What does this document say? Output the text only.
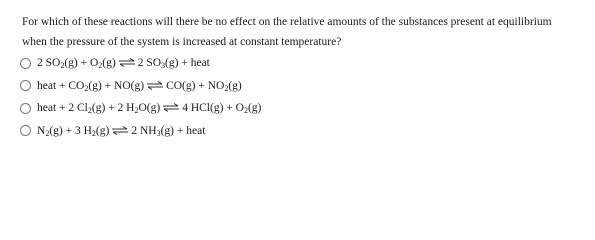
For which of these reactions will there be no effect on the relative amounts of the substances present at equilibrium
when the pressure of the system is increased at constant temperature?
2 $SO_2$ $(g) + O_2$ (g) ⇌ 2 $SO_3$ (g) + heat
heat + $CO_2$ (g) + NO(g) ⇌ $CO(g) + NO_2$ (g)
heat + 2 $Cl_2$ (g) + 2 $H_2$ O(g) ⇌ 4 $HCl(g) + O_2$ (g)
$N_2$ (g) + 3 $H_2$ (g) ⇌ 2 $NH_3$ (g) + heat
